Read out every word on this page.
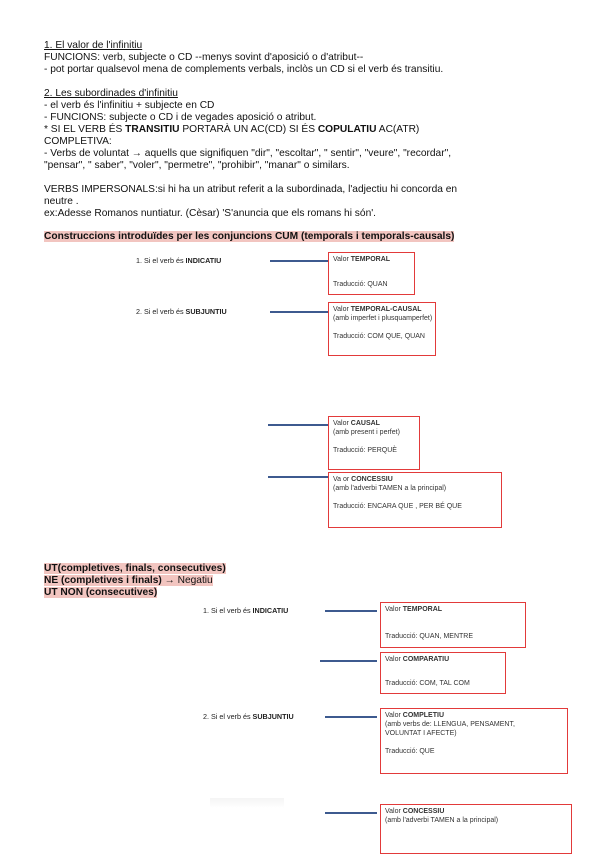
1. El valor de l'infinitiu
FUNCIONS: verb, subjecte o CD --menys sovint d'aposició o d'atribut--
- pot portar qualsevol mena de complements verbals, inclòs un CD si el verb és transitiu.
2. Les subordinades d'infinitiu
- el verb és l'infinitiu + subjecte en CD
- FUNCIONS: subjecte o CD i de vegades aposició o atribut.
* SI EL VERB ÉS TRANSITIU PORTARÀ UN AC(CD) SI ÉS COPULATIU AC(ATR)
COMPLETIVA:
- Verbs de voluntat → aquells que signifiquen "dir", "escoltar", " sentir", "veure", "recordar",
"pensar", " saber", "voler", "permetre", "prohibir", "manar" o similars.
VERBS IMPERSONALS:si hi ha un atribut referit a la subordinada, l'adjectiu hi concorda en
neutre .
ex:Adesse Romanos nuntiatur. (Cèsar) 'S'anuncia que els romans hi són'.
Construccions introduïdes per les conjuncions CUM (temporals i temporals-causals)
1. Si el verb és INDICATIU
2. Si el verb és SUBJUNTIU
Valor TEMPORAL
Traducció: QUAN
Valor TEMPORAL-CAUSAL
(amb imperfet i plusquamperfet)
Traducció: COM QUE, QUAN
Valor CAUSAL
(amb present i perfet)
Traducció: PERQUÈ
Va or CONCESSIU
(amb l'adverbi TAMEN a la principal)
Traducció: ENCARA QUE , PER BÉ QUE
UT(completives, finals, consecutives)
NE (completives i finals) → Negatiu
UT NON (consecutives)
1. Si el verb és INDICATIU
2. Si el verb és SUBJUNTIU
Valor TEMPORAL
Traducció: QUAN, MENTRE
Valor COMPARATIU
Traducció: COM, TAL COM
Valor COMPLETIU
(amb verbs de: LLENGUA, PENSAMENT,
VOLUNTAT I AFECTE)
Traducció: QUE
Valor CONCESSIU
(amb l'adverbi TAMEN a la principal)
